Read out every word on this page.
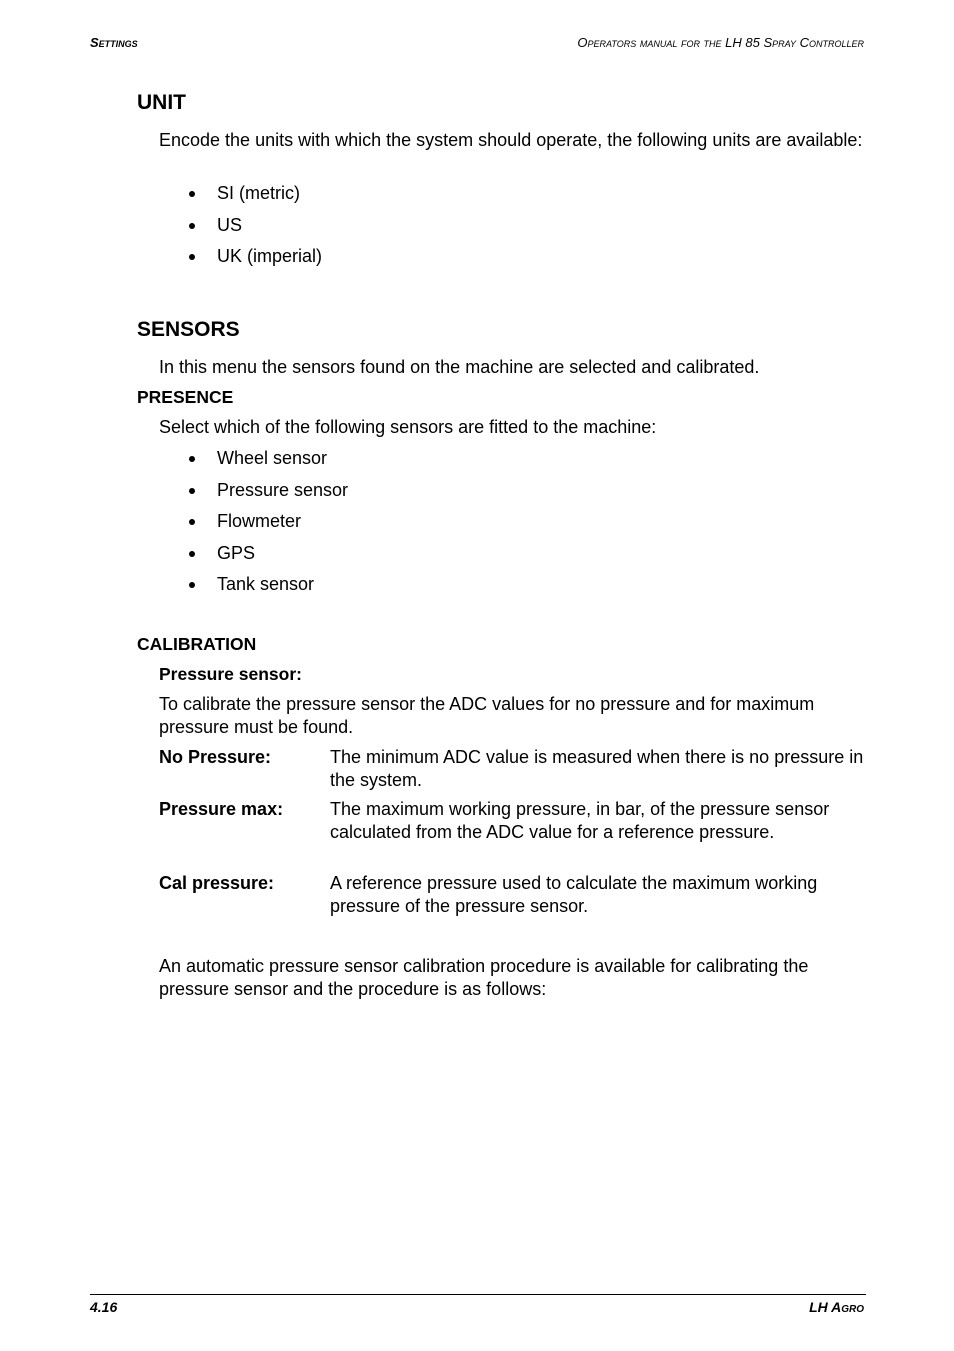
Settings	Operators manual for the LH 85 Spray Controller
UNIT

Encode the units with which the system should operate, the following units are available:

SI (metric)
US
UK (imperial)
SENSORS

In this menu the sensors found on the machine are selected and calibrated.

PRESENCE

Select which of the following sensors are fitted to the machine:

Wheel sensor
Pressure sensor
Flowmeter
GPS
Tank sensor
CALIBRATION
Pressure sensor:

To calibrate the pressure sensor the ADC values for no pressure and for maximum pressure must be found.

No Pressure:	The minimum ADC value is measured when there is no pressure in the system.
Pressure max:	The maximum working pressure, in bar, of the pressure sensor calculated from the ADC value for a reference pressure.
Cal pressure:	A reference pressure used to calculate the maximum working pressure of the pressure sensor.

An automatic pressure sensor calibration procedure is available for calibrating the pressure sensor and the procedure is as follows:

4.16	LH Agro
